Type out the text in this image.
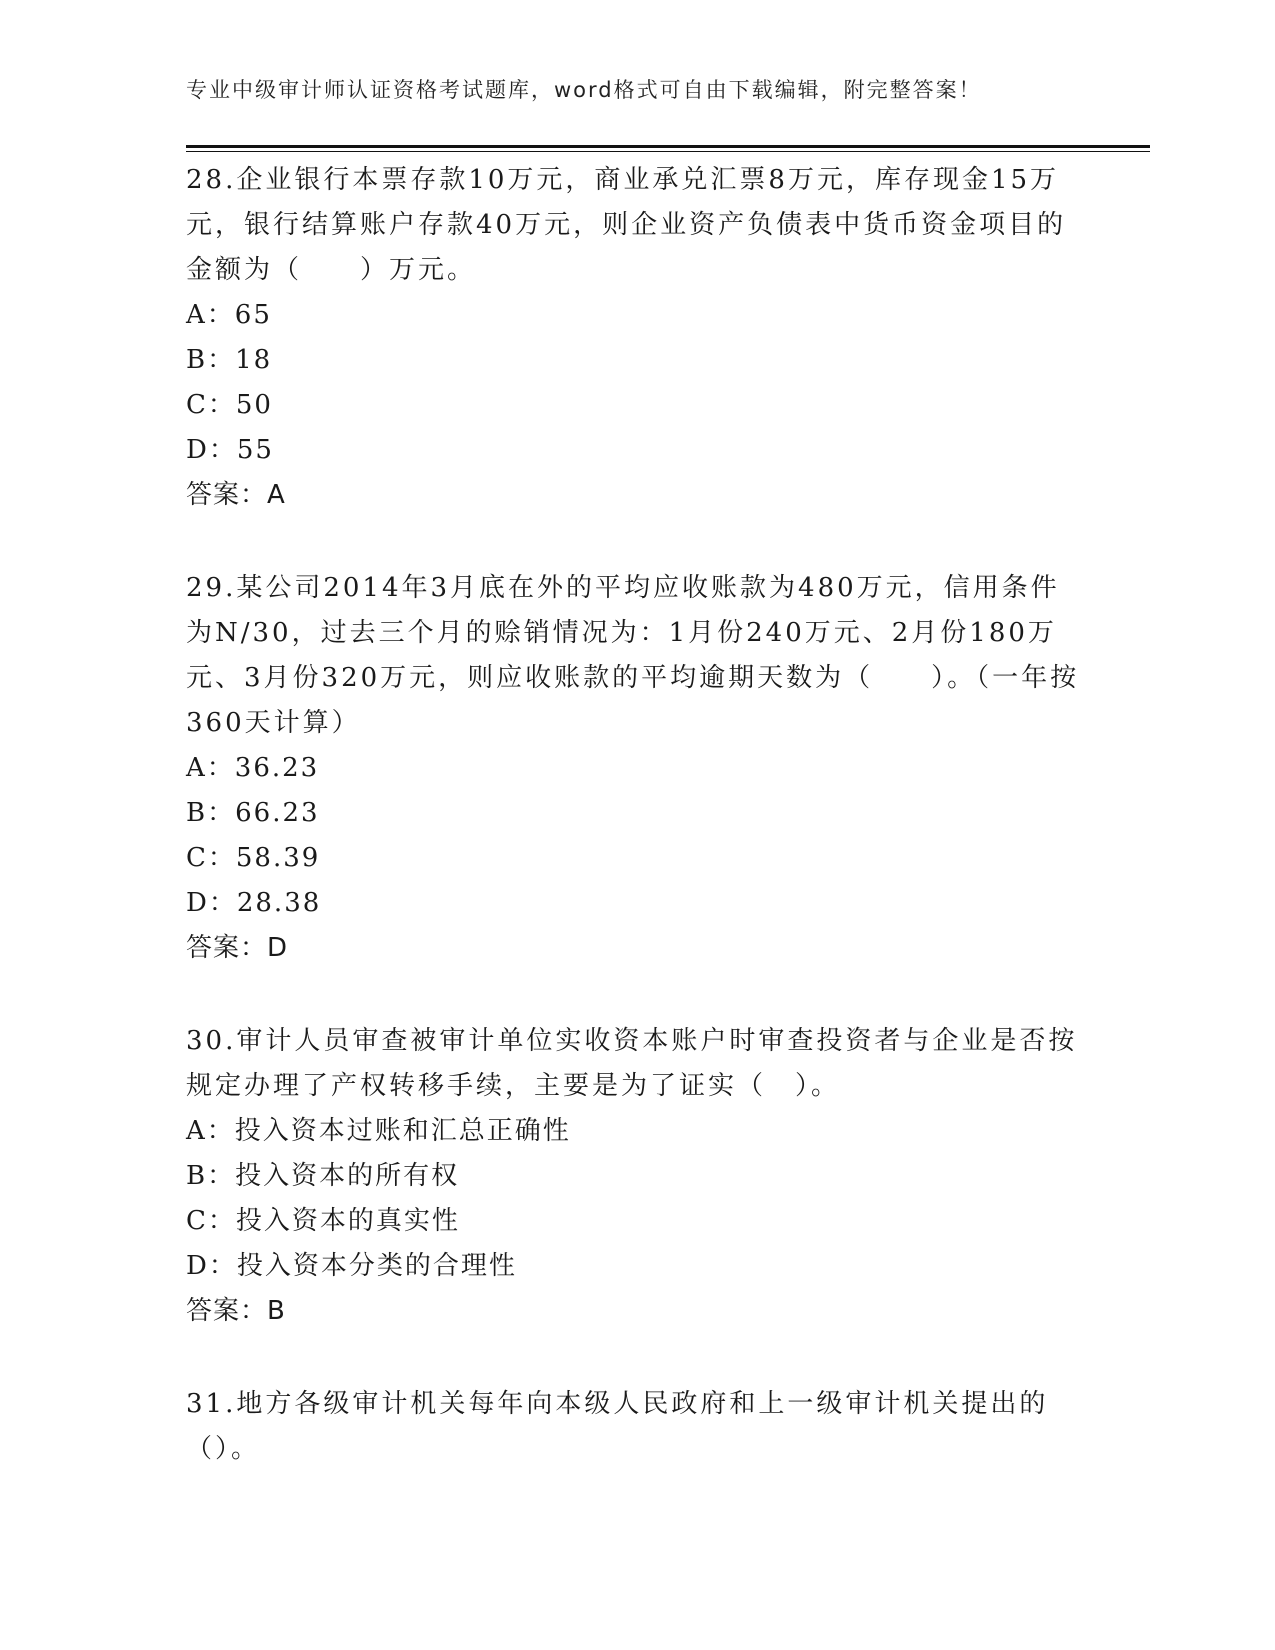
专业中级审计师认证资格考试题库，word格式可自由下载编辑，附完整答案！

28.企业银行本票存款10万元，商业承兑汇票8万元，库存现金15万元，银行结算账户存款40万元，则企业资产负债表中货币资金项目的金额为（　　）万元。

A：65
B：18
C：50
D：55
答案：A

29.某公司2014年3月底在外的平均应收账款为480万元，信用条件为N/30，过去三个月的赊销情况为：1月份240万元、2月份180万元、3月份320万元，则应收账款的平均逾期天数为（　　）。（一年按360天计算）

A：36.23
B：66.23
C：58.39
D：28.38
答案：D

30.审计人员审查被审计单位实收资本账户时审查投资者与企业是否按规定办理了产权转移手续，主要是为了证实（　）。

A：投入资本过账和汇总正确性
B：投入资本的所有权
C：投入资本的真实性
D：投入资本分类的合理性
答案：B

31.地方各级审计机关每年向本级人民政府和上一级审计机关提出的（）。
